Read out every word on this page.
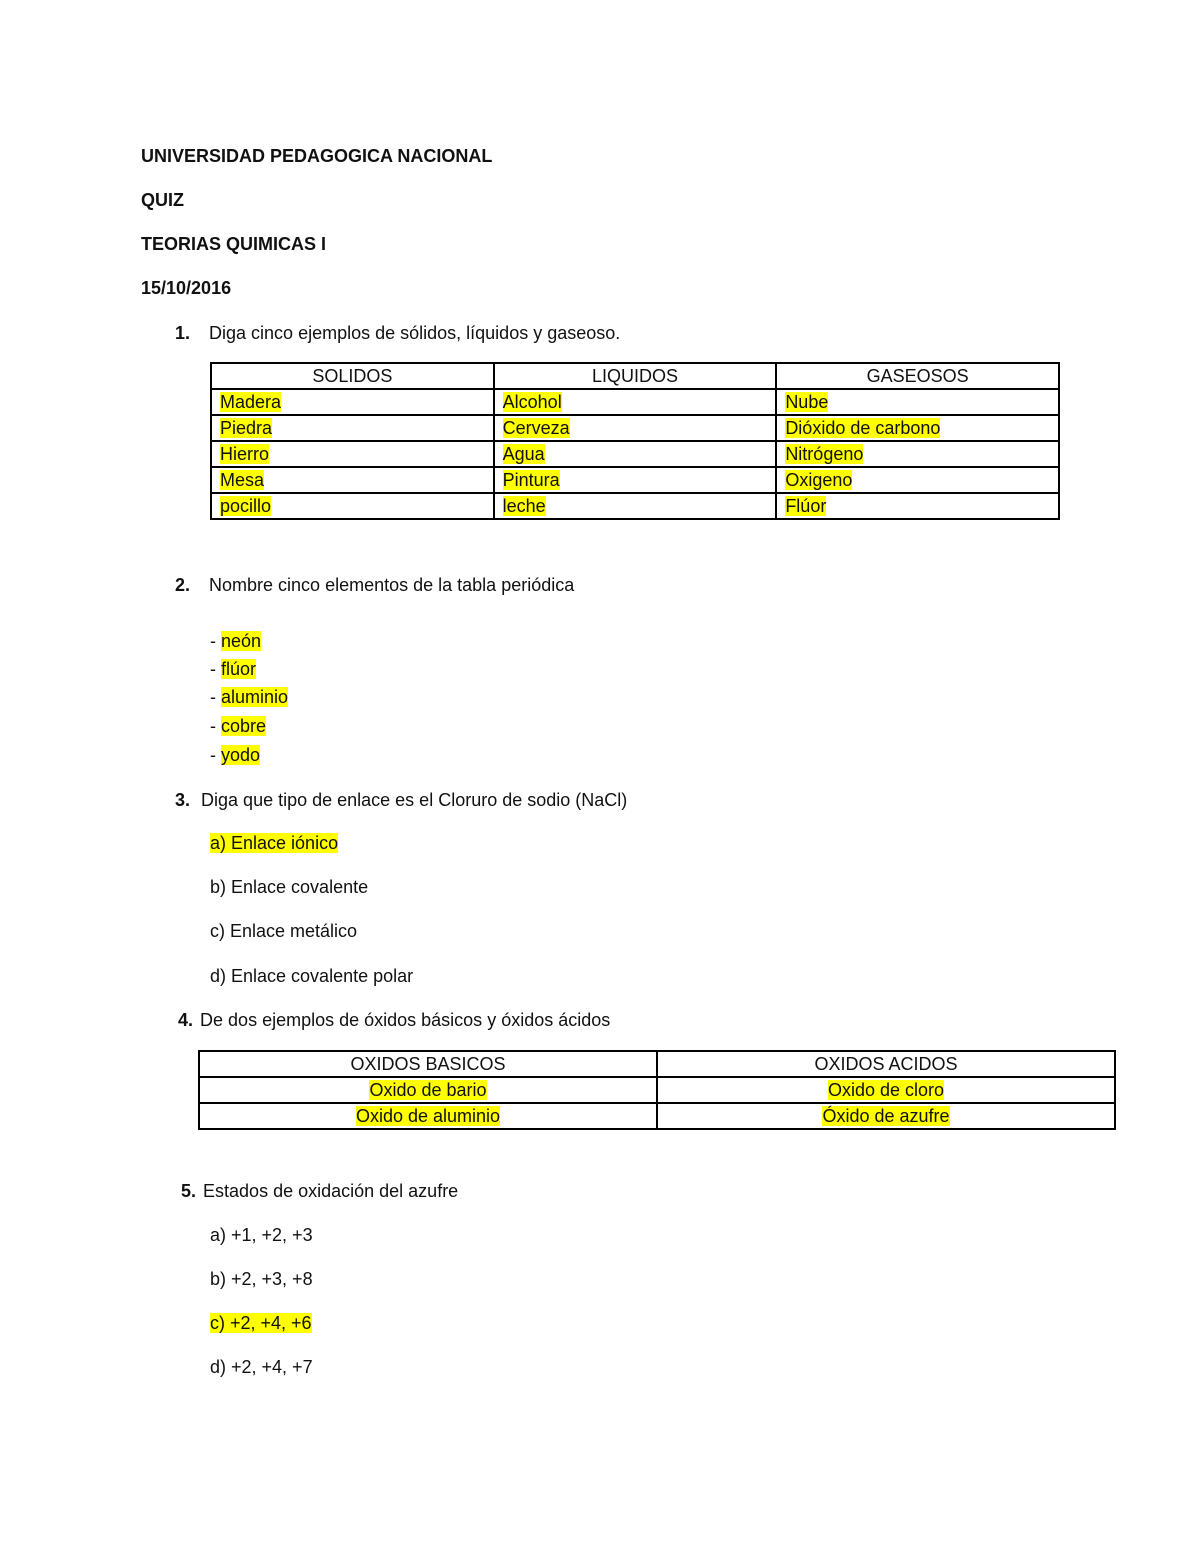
UNIVERSIDAD PEDAGOGICA NACIONAL
QUIZ
TEORIAS QUIMICAS I
15/10/2016
1. Diga cinco ejemplos de sólidos, líquidos y gaseoso.
SOLIDOS	LIQUIDOS	GASEOSOS
Madera	Alcohol	Nube
Piedra	Cerveza	Dióxido de carbono
Hierro	Agua	Nitrógeno
Mesa	Pintura	Oxigeno
pocillo	leche	Flúor
2. Nombre cinco elementos de la tabla periódica
- neón
- flúor
- aluminio
- cobre
- yodo
3. Diga que tipo de enlace es el Cloruro de sodio (NaCl)
a) Enlace iónico
b) Enlace covalente
c) Enlace metálico
d) Enlace covalente polar
4. De dos ejemplos de óxidos básicos y óxidos ácidos
OXIDOS BASICOS	OXIDOS ACIDOS
Oxido de bario	Oxido de cloro
Oxido de aluminio	Óxido de azufre
5. Estados de oxidación del azufre
a) +1, +2, +3
b) +2, +3, +8
c) +2, +4, +6
d) +2, +4, +7
